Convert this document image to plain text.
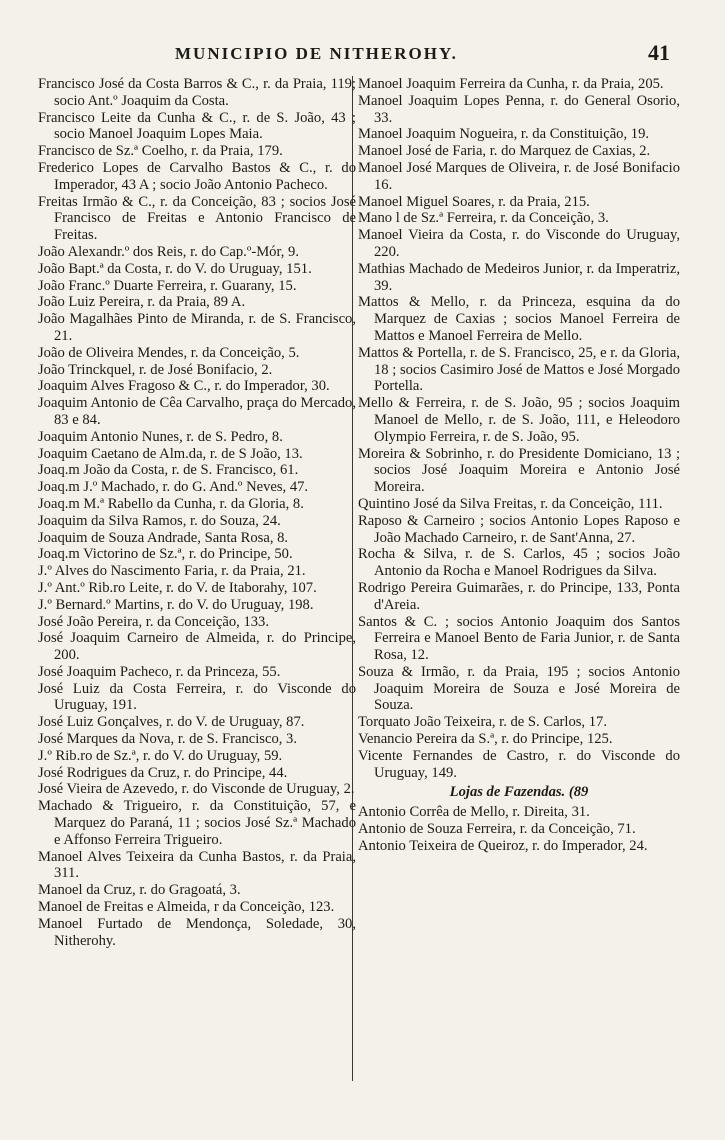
MUNICIPIO DE NITHEROHY.	41

Francisco José da Costa Barros & C., r. da Praia, 119; socio Ant.º Joaquim da Costa.

Francisco Leite da Cunha & C., r. de S. João, 43 ; socio Manoel Joaquim Lopes Maia.

Francisco de Sz.ª Coelho, r. da Praia, 179.

Frederico Lopes de Carvalho Bastos & C., r. do Imperador, 43 A ; socio João Antonio Pacheco.

Freitas Irmão & C., r. da Conceição, 83 ; socios José Francisco de Freitas e Antonio Francisco de Freitas.

João Alexandr.º dos Reis, r. do Cap.º-Mór, 9.

João Bapt.ª da Costa, r. do V. do Uruguay, 151.

João Franc.º Duarte Ferreira, r. Guarany, 15.

João Luiz Pereira, r. da Praia, 89 A.

João Magalhães Pinto de Miranda, r. de S. Francisco, 21.

João de Oliveira Mendes, r. da Conceição, 5.

João Trinckquel, r. de José Bonifacio, 2.

Joaquim Alves Fragoso & C., r. do Imperador, 30.

Joaquim Antonio de Cêa Carvalho, praça do Mercado, 83 e 84.

Joaquim Antonio Nunes, r. de S. Pedro, 8.

Joaquim Caetano de Alm.da, r. de S João, 13.

Joaq.m João da Costa, r. de S. Francisco, 61.

Joaq.m J.º Machado, r. do G. And.º Neves, 47.

Joaq.m M.ª Rabello da Cunha, r. da Gloria, 8.

Joaquim da Silva Ramos, r. do Souza, 24.

Joaquim de Souza Andrade, Santa Rosa, 8.

Joaq.m Victorino de Sz.ª, r. do Principe, 50.

J.º Alves do Nascimento Faria, r. da Praia, 21.

J.º Ant.º Rib.ro Leite, r. do V. de Itaborahy, 107.

J.º Bernard.º Martins, r. do V. do Uruguay, 198.

José João Pereira, r. da Conceição, 133.

José Joaquim Carneiro de Almeida, r. do Principe, 200.

José Joaquim Pacheco, r. da Princeza, 55.

José Luiz da Costa Ferreira, r. do Visconde do Uruguay, 191.

José Luiz Gonçalves, r. do V. de Uruguay, 87.

José Marques da Nova, r. de S. Francisco, 3.

J.º Rib.ro de Sz.ª, r. do V. do Uruguay, 59.

José Rodrigues da Cruz, r. do Principe, 44.

José Vieira de Azevedo, r. do Visconde de Uruguay, 2.

Machado & Trigueiro, r. da Constituição, 57, e Marquez do Paraná, 11 ; socios José Sz.ª Machado e Affonso Ferreira Trigueiro.

Manoel Alves Teixeira da Cunha Bastos, r. da Praia, 311.

Manoel da Cruz, r. do Gragoatá, 3.

Manoel de Freitas e Almeida, r da Conceição, 123.

Manoel Furtado de Mendonça, Soledade, 30, Nitherohy.

Manoel Joaquim Ferreira da Cunha, r. da Praia, 205.

Manoel Joaquim Lopes Penna, r. do General Osorio, 33.

Manoel Joaquim Nogueira, r. da Constituição, 19.

Manoel José de Faria, r. do Marquez de Caxias, 2.

Manoel José Marques de Oliveira, r. de José Bonifacio 16.

Manoel Miguel Soares, r. da Praia, 215.

Mano l de Sz.ª Ferreira, r. da Conceição, 3.

Manoel Vieira da Costa, r. do Visconde do Uruguay, 220.

Mathias Machado de Medeiros Junior, r. da Imperatriz, 39.

Mattos & Mello, r. da Princeza, esquina da do Marquez de Caxias ; socios Manoel Ferreira de Mattos e Manoel Ferreira de Mello.

Mattos & Portella, r. de S. Francisco, 25, e r. da Gloria, 18 ; socios Casimiro José de Mattos e José Morgado Portella.

Mello & Ferreira, r. de S. João, 95 ; socios Joaquim Manoel de Mello, r. de S. João, 111, e Heleodoro Olympio Ferreira, r. de S. João, 95.

Moreira & Sobrinho, r. do Presidente Domiciano, 13 ; socios José Joaquim Moreira e Antonio José Moreira.

Quintino José da Silva Freitas, r. da Conceição, 111.

Raposo & Carneiro ; socios Antonio Lopes Raposo e João Machado Carneiro, r. de Sant'Anna, 27.

Rocha & Silva, r. de S. Carlos, 45 ; socios João Antonio da Rocha e Manoel Rodrigues da Silva.

Rodrigo Pereira Guimarães, r. do Principe, 133, Ponta d'Areia.

Santos & C. ; socios Antonio Joaquim dos Santos Ferreira e Manoel Bento de Faria Junior, r. de Santa Rosa, 12.

Souza & Irmão, r. da Praia, 195 ; socios Antonio Joaquim Moreira de Souza e José Moreira de Souza.

Torquato João Teixeira, r. de S. Carlos, 17.

Venancio Pereira da S.ª, r. do Principe, 125.

Vicente Fernandes de Castro, r. do Visconde do Uruguay, 149.

Lojas de Fazendas. (89

Antonio Corrêa de Mello, r. Direita, 31.

Antonio de Souza Ferreira, r. da Conceição, 71.

Antonio Teixeira de Queiroz, r. do Imperador, 24.
